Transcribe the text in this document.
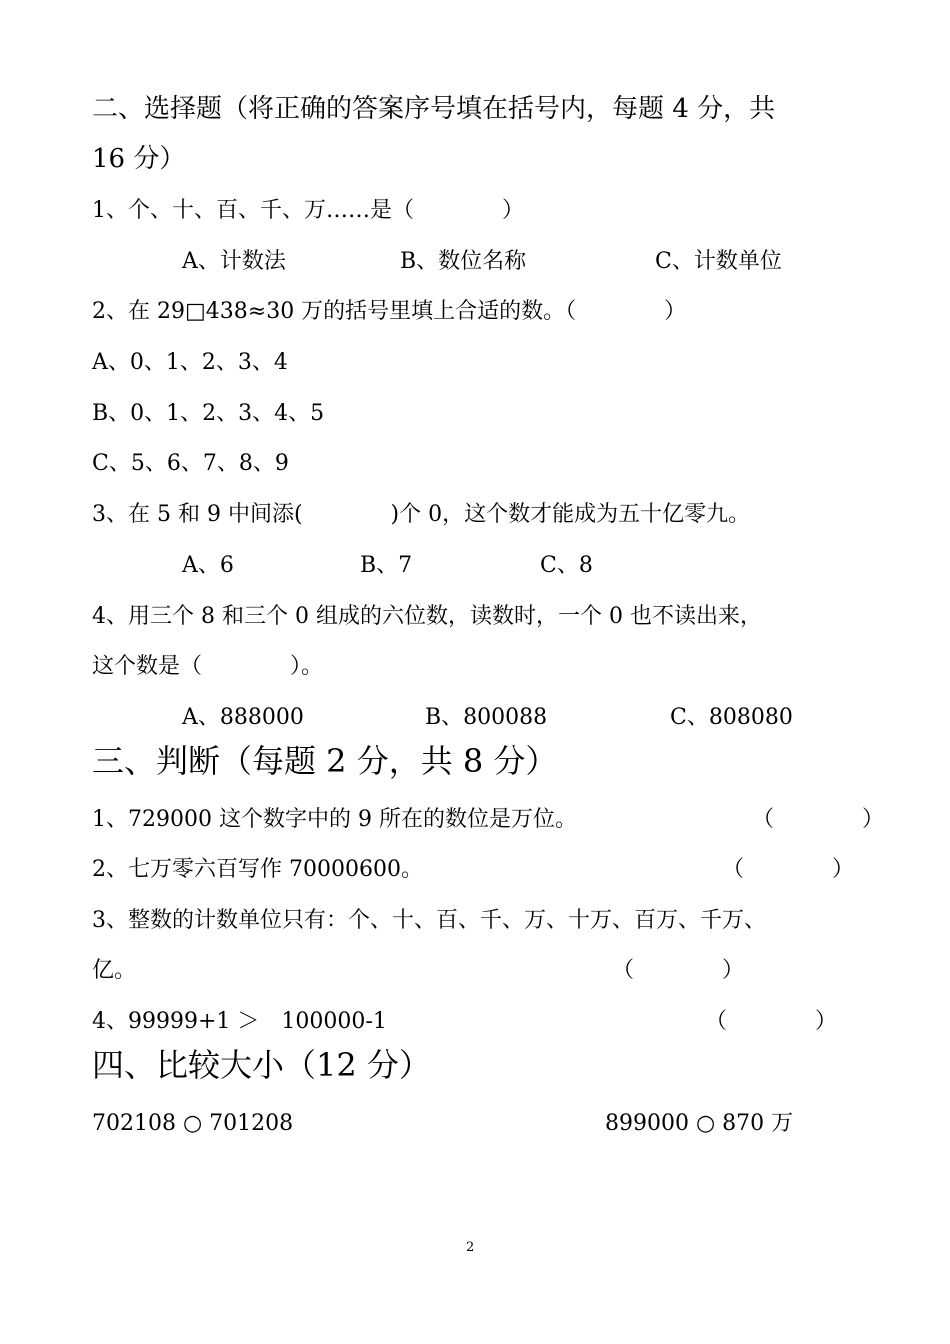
二、选择题（将正确的答案序号填在括号内，每题 4 分，共
16 分）
1、个、十、百、千、万……是（　　　　）
A、计数法	B、数位名称	C、计数单位
2、在 29□438≈30 万的括号里填上合适的数。（　　　　）
A、0、1、2、3、4
B、0、1、2、3、4、5
C、5、6、7、8、9
3、在 5 和 9 中间添(　　　　)个 0，这个数才能成为五十亿零九。
A、6	B、7	C、8
4、用三个 8 和三个 0 组成的六位数，读数时，一个 0 也不读出来，
这个数是（　　　　）。
A、888000	B、800088	C、808080
三、判断（每题 2 分，共 8 分）
1、729000 这个数字中的 9 所在的数位是万位。	（　　　　）
2、七万零六百写作 70000600。	（　　　　）
3、整数的计数单位只有：个、十、百、千、万、十万、百万、千万、
亿。	（　　　　）
4、99999+1 ＞　100000-1	（　　　　）
四、比较大小（12 分）
702108 ○ 701208	899000 ○ 870 万
2
